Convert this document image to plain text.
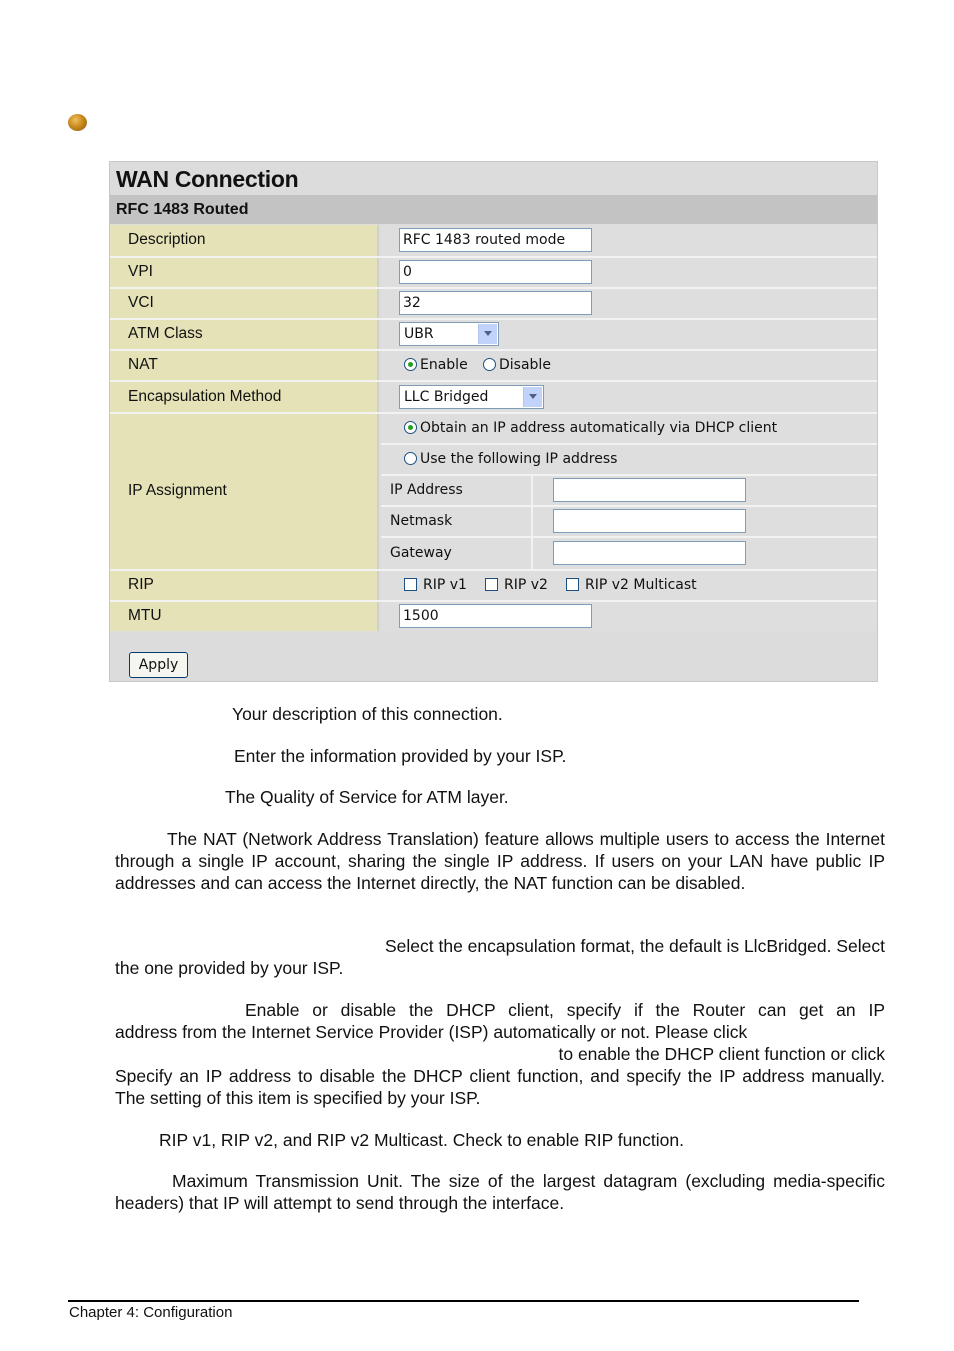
WAN Connection
RFC 1483 Routed
Description	RFC 1483 routed mode
VPI	0
VCI	32
ATM Class	UBR
NAT	Enable	Disable
Encapsulation Method	LLC Bridged
IP Assignment
Obtain an IP address automatically via DHCP client
Use the following IP address
IP Address
Netmask
Gateway
RIP	RIP v1	RIP v2	RIP v2 Multicast
MTU	1500
Apply
Your description of this connection.
Enter the information provided by your ISP.
The Quality of Service for ATM layer.
The NAT (Network Address Translation) feature allows multiple users to access the Internet through a single IP account, sharing the single IP address. If users on your LAN have public IP addresses and can access the Internet directly, the NAT function can be disabled.
Select the encapsulation format, the default is LlcBridged. Select
the one provided by your ISP.
Enable or disable the DHCP client, specify if the Router can get an IP
address from the Internet Service Provider (ISP) automatically or not. Please click
to enable the DHCP client function or click
Specify an IP address to disable the DHCP client function, and specify the IP address manually. The setting of this item is specified by your ISP.
RIP v1, RIP v2, and RIP v2 Multicast. Check to enable RIP function.
Maximum Transmission Unit. The size of the largest datagram (excluding media-specific headers) that IP will attempt to send through the interface.
Chapter 4: Configuration
